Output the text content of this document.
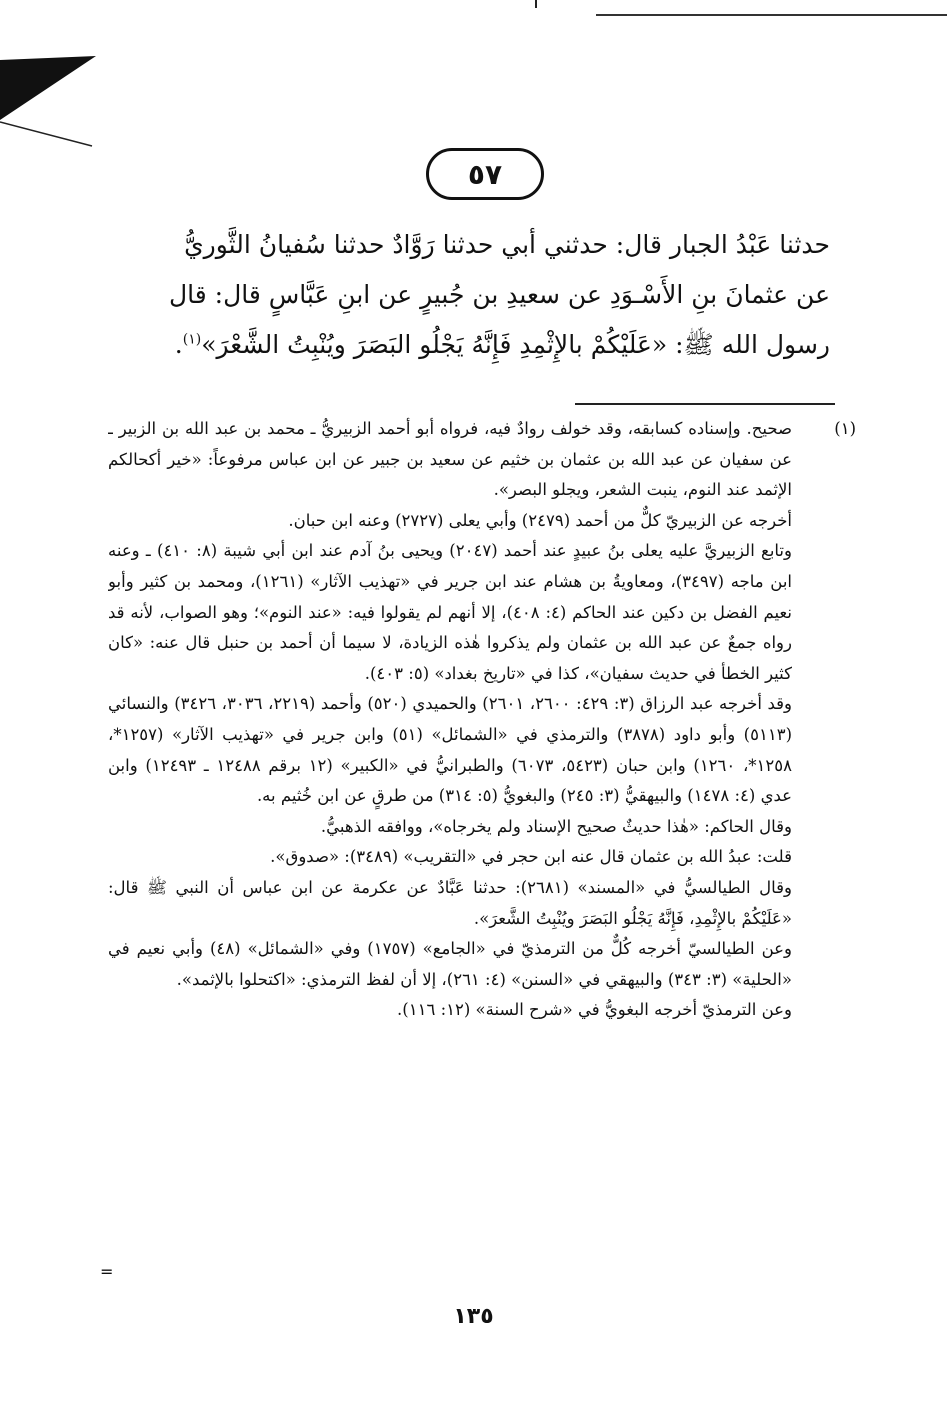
٥٧
حدثنا عَبْدُ الجبار قال: حدثني أبي حدثنا رَوَّادٌ حدثنا سُفيانُ الثَّوريُّ
عن عثمانَ بنِ الأَسْـوَدِ عن سعيدِ بن جُبيرٍ عن ابنِ عَبَّاسٍ قال: قال
رسول الله ﷺ: «عَلَيْكُمْ بالإِثْمِدِ فَإِنَّهُ يَجْلُو البَصَرَ ويُنْبِتُ الشَّعْرَ»$^{(١)}$.
(١)

صحيح. وإسناده كسابقه، وقد خولف روادٌ فيه، فرواه أبو أحمد الزبيريُّ ـ محمد بن عبد الله بن الزبير ـ عن سفيان عن عبد الله بن عثمان بن خثيم عن سعيد بن جبير عن ابن عباس مرفوعاً: «خير أكحالكم الإثمد عند النوم، ينبت الشعر، ويجلو البصر».

أخرجه عن الزبيريّ كلٌّ من أحمد (٢٤٧٩) وأبي يعلى (٢٧٢٧) وعنه ابن حبان.

وتابع الزبيريَّ عليه يعلى بنُ عبيدٍ عند أحمد (٢٠٤٧) ويحيى بنُ آدم عند ابن أبي شيبة (٨: ٤١٠) ـ وعنه ابن ماجه (٣٤٩٧)، ومعاويةُ بن هشام عند ابن جرير في «تهذيب الآثار» (١٢٦١)، ومحمد بن كثير وأبو نعيم الفضل بن دكين عند الحاكم (٤: ٤٠٨)، إلا أنهم لم يقولوا فيه: «عند النوم»؛ وهو الصواب، لأنه قد رواه جمعٌ عن عبد الله بن عثمان ولم يذكروا هٰذه الزيادة، لا سيما أن أحمد بن حنبل قال عنه: «كان كثير الخطأ في حديث سفيان»، كذا في «تاريخ بغداد» (٥: ٤٠٣).

وقد أخرجه عبد الرزاق (٣: ٤٢٩: ٢٦٠٠، ٢٦٠١) والحميدي (٥٢٠) وأحمد (٢٢١٩، ٣٠٣٦، ٣٤٢٦) والنسائي (٥١١٣) وأبو داود (٣٨٧٨) والترمذي في «الشمائل» (٥١) وابن جرير في «تهذيب الآثار» (١٢٥٧*، ١٢٥٨*، ١٢٦٠) وابن حبان (٥٤٢٣، ٦٠٧٣) والطبرانيُّ في «الكبير» (١٢ برقم ١٢٤٨٨ ـ ١٢٤٩٣) وابن عدي (٤: ١٤٧٨) والبيهقيُّ (٣: ٢٤٥) والبغويُّ (٥: ٣١٤) من طرقٍ عن ابن خُثيم به.

وقال الحاكم: «هٰذا حديثٌ صحيح الإسناد ولم يخرجاه»، ووافقه الذهبيُّ.

قلت: عبدُ الله بن عثمان قال عنه ابن حجر في «التقريب» (٣٤٨٩): «صدوق».

وقال الطيالسيُّ في «المسند» (٢٦٨١): حدثنا عَبَّادٌ عن عكرمة عن ابن عباس أن النبي ﷺ قال: «عَلَيْكُمْ بالإِثْمِدِ، فَإِنَّهُ يَجْلُو البَصَرَ ويُنْبِتُ الشَّعرَ».

وعن الطيالسيّ أخرجه كُلٌّ من الترمذيّ في «الجامع» (١٧٥٧) وفي «الشمائل» (٤٨) وأبي نعيم في «الحلية» (٣: ٣٤٣) والبيهقي في «السنن» (٤: ٢٦١)، إلا أن لفظ الترمذي: «اكتحلوا بالإثمد».

وعن الترمذيّ أخرجه البغويُّ في «شرح السنة» (١٢: ١١٦).

=
١٣٥
